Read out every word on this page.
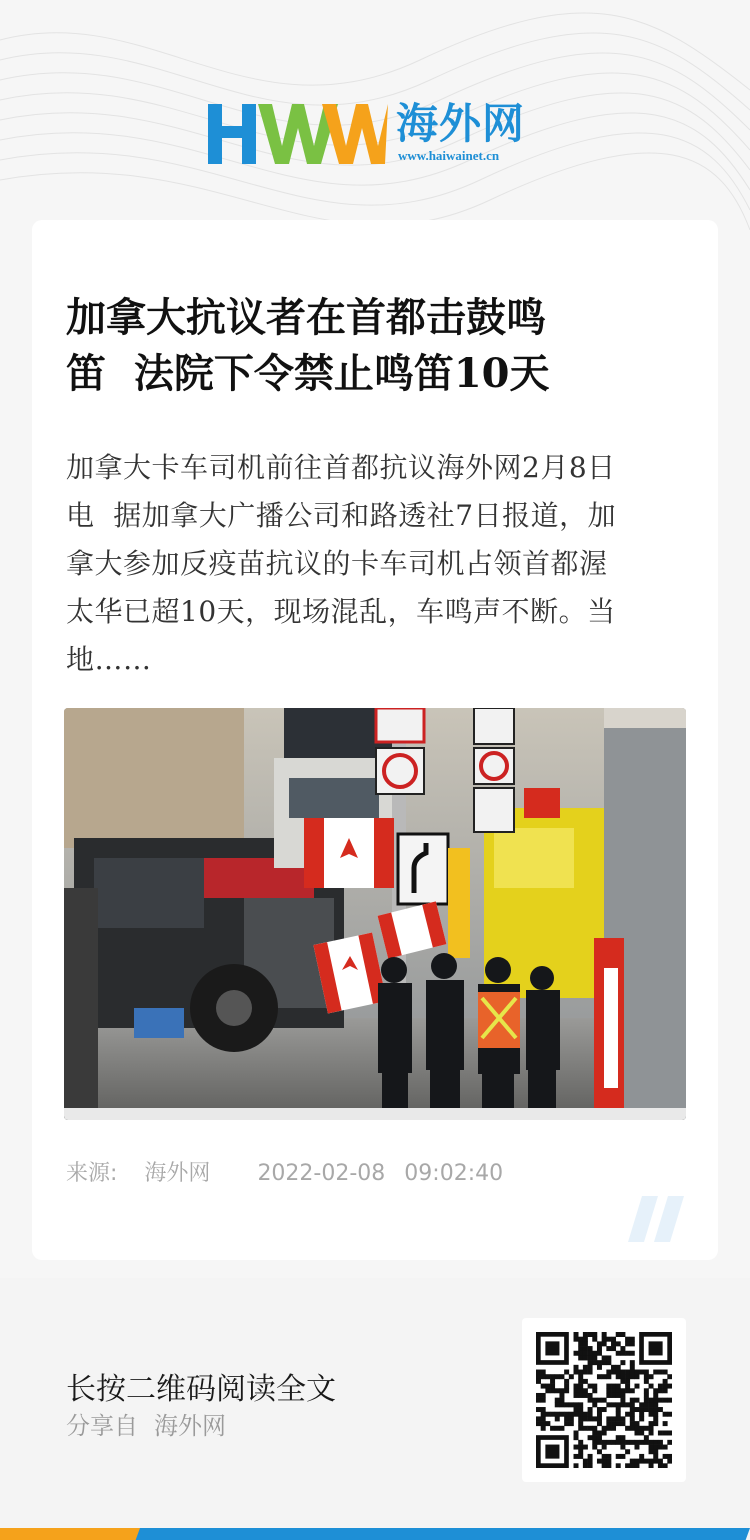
海外网
www.haiwainet.cn
加拿大抗议者在首都击鼓鸣
笛  法院下令禁止鸣笛10天
加拿大卡车司机前往首都抗议海外网2月8日
电  据加拿大广播公司和路透社7日报道，加
拿大参加反疫苗抗议的卡车司机占领首都渥
太华已超10天，现场混乱，车鸣声不断。当
地……
来源: 海外网 2022-02-08 09:02:40
长按二维码阅读全文
分享自 海外网
